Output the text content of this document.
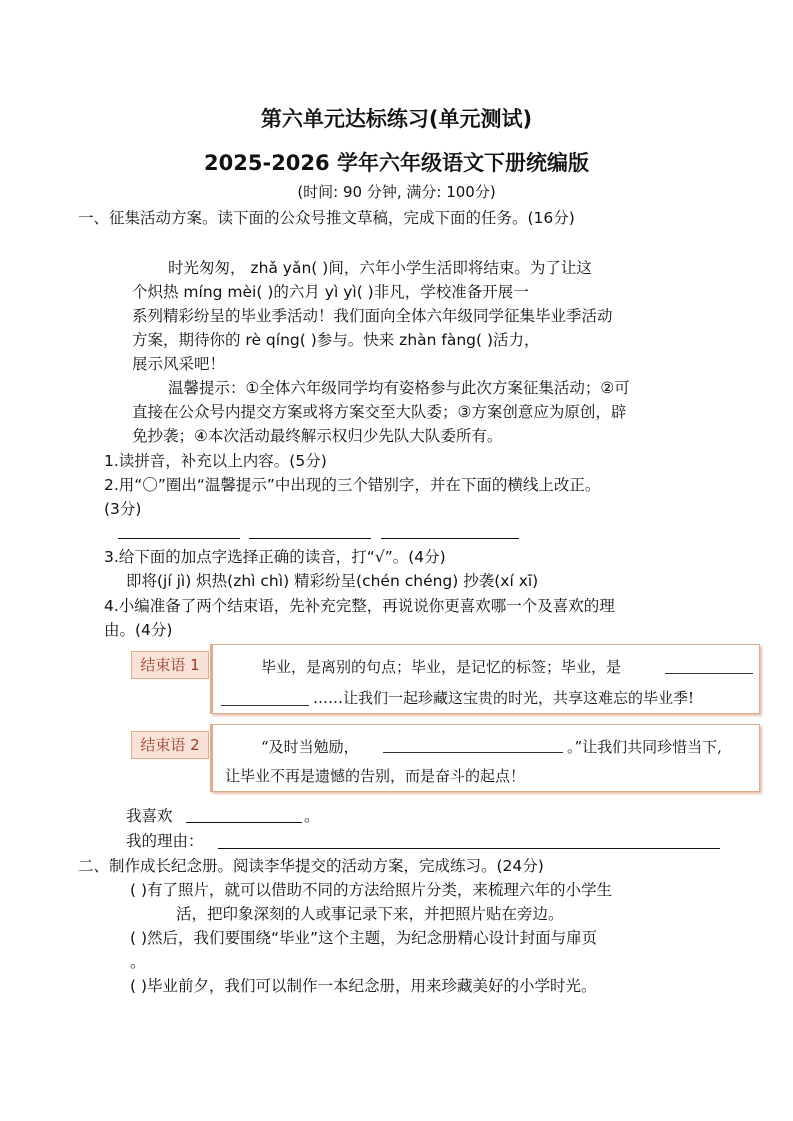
第六单元达标练习(单元测试)
2025-2026 学年六年级语文下册统编版
(时间: 90 分钟, 满分: 100分)
一、征集活动方案。读下面的公众号推文草稿，完成下面的任务。(16分)
时光匆匆， zhǎ yǎn( )间，六年小学生活即将结束。为了让这
个炽热 míng mèi( )的六月 yì yì( )非凡，学校准备开展一
系列精彩纷呈的毕业季活动！我们面向全体六年级同学征集毕业季活动
方案，期待你的 rè qíng( )参与。快来 zhàn fàng( )活力，
展示风采吧！
温馨提示：①全体六年级同学均有姿格参与此次方案征集活动；②可
直接在公众号内提交方案或将方案交至大队委；③方案创意应为原创，辟
免抄袭；④本次活动最终解示权归少先队大队委所有。
1.读拼音，补充以上内容。(5分)
2.用“〇”圈出“温馨提示”中出现的三个错别字，并在下面的横线上改正。
(3分)
3.给下面的加点字选择正确的读音，打“√”。(4分)
即将(jí jì) 炽热(zhì chì) 精彩纷呈(chén chéng) 抄袭(xí xī)
4.小编准备了两个结束语，先补充完整，再说说你更喜欢哪一个及喜欢的理
由。(4分)
结束语 1	毕业，是离别的句点；毕业，是记忆的标签；毕业，是
……让我们一起珍藏这宝贵的时光，共享这难忘的毕业季!
结束语 2	“及时当勉励，	。”让我们共同珍惜当下,
让毕业不再是遗憾的告别，而是奋斗的起点！
我喜欢	。
我的理由：
二、制作成长纪念册。阅读李华提交的活动方案，完成练习。(24分)
( )有了照片，就可以借助不同的方法给照片分类，来梳理六年的小学生
活，把印象深刻的人或事记录下来，并把照片贴在旁边。
( )然后，我们要围绕“毕业”这个主题，为纪念册精心设计封面与扉页
。
( )毕业前夕，我们可以制作一本纪念册，用来珍藏美好的小学时光。
